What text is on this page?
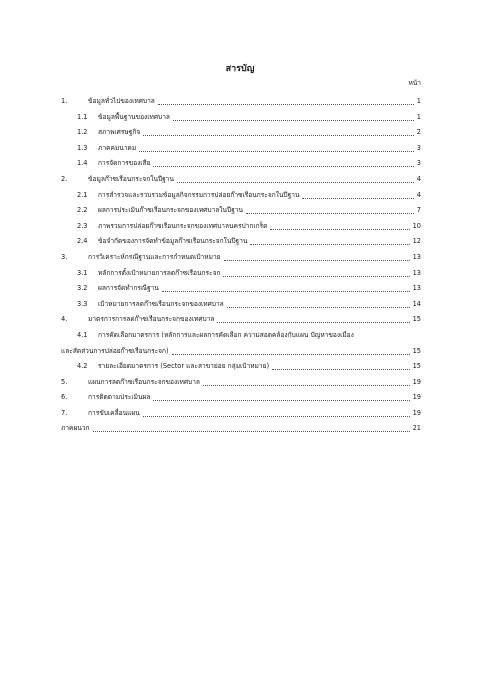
สารบัญ
หน้า
1.	ข้อมูลทั่วไปของเทศบาล	1
1.1 ข้อมูลพื้นฐานของเทศบาล	1
1.2 สภาพเศรษฐกิจ	2
1.3 ภาคคมนาคม	3
1.4 การจัดการของเสีย	3
2.	ข้อมูลก๊าซเรือนกระจกในปีฐาน	4
2.1 การสำรวจและรวบรวมข้อมูลกิจกรรมการปล่อยก๊าซเรือนกระจกในปีฐาน	4
2.2 ผลการประเมินก๊าซเรือนกระจกของเทศบาลในปีฐาน	7
2.3 ภาพรวมการปล่อยก๊าซเรือนกระจกของเทศบาลนครปากเกร็ด	10
2.4 ข้อจำกัดของการจัดทำข้อมูลก๊าซเรือนกระจกในปีฐาน	12
3.	การวิเคราะห์กรณีฐานและการกำหนดเป้าหมาย	13
3.1 หลักการตั้งเป้าหมายการลดก๊าซเรือนกระจก	13
3.2 ผลการจัดทำกรณีฐาน	13
3.3 เป้าหมายการลดก๊าซเรือนกระจกของเทศบาล	14
4.	มาตรการการลดก๊าซเรือนกระจกของเทศบาล	15
4.1 การคัดเลือกมาตรการ (หลักการและผลการคัดเลือก ความสอดคล้องกับแผน ปัญหาของเมือง
และสัดส่วนการปล่อยก๊าซเรือนกระจก)	15
4.2 รายละเอียดมาตรการ (Sector และสาขาย่อย กลุ่มเป้าหมาย)	15
5.	แผนการลดก๊าซเรือนกระจกของเทศบาล	19
6.	การติดตามประเมินผล	19
7.	การขับเคลื่อนแผน	19
ภาคผนวก	21
